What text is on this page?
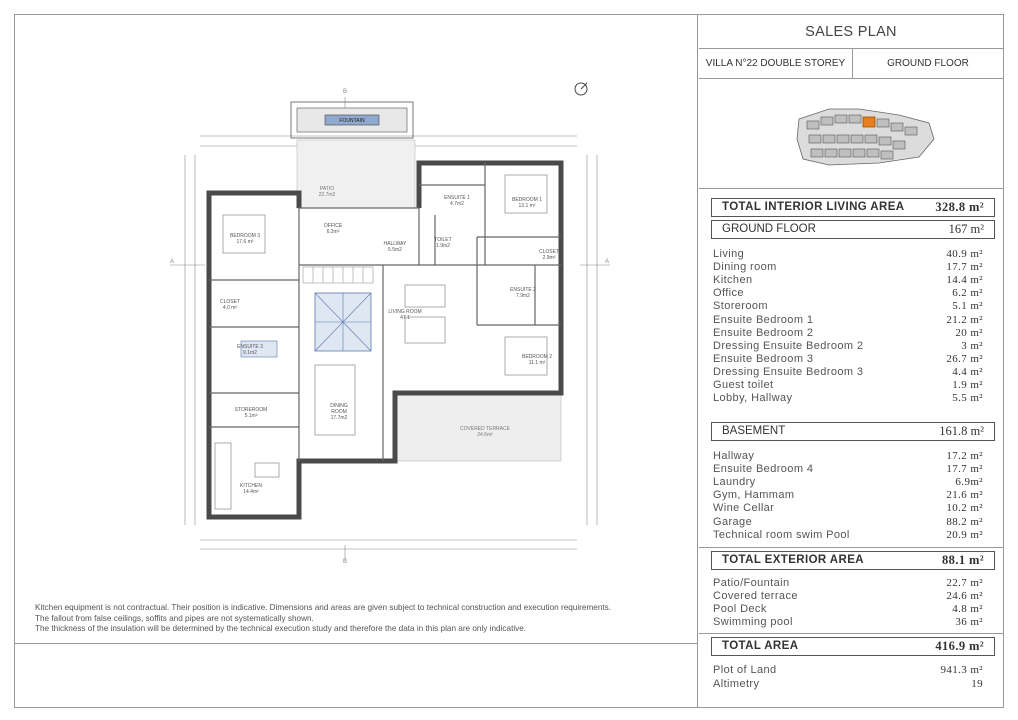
B
B
A	A
FOUNTAIN
PATIO
22.7m2
COVERED TERRACE
24.6m²
BEDROOM 3
17.6 m²
OFFICE
6.2m²
HALLWAY
5.5m2
ENSUITE 1
4.7m2
TOILET
1.9m2
BEDROOM 1
13.1 m²
CLOSET
4.0 m²
ENSUITE 3
9.1m2
LIVING ROOM
47.1
CLOSET
2.9m²
ENSUITE 2
7.9m2
BEDROOM 2
11.1 m²
STOREROOM
5.1m²
DINING
ROOM
17.7m2
KITCHEN
14.4m²
Kitchen equipment is not contractual. Their position is indicative. Dimensions and areas are given subject to technical construction and execution requirements.
The fallout from false ceilings, soffits and pipes are not systematically shown.
The thickness of the insulation will be determined by the technical execution study and therefore the data in this plan are only indicative.
SALES PLAN
VILLA N°22 DOUBLE STOREY	GROUND FLOOR
TOTAL INTERIOR LIVING AREA 328.8 m²
GROUND FLOOR	167 m²
Living	40.9 m²
Dining room	17.7 m²
Kitchen	14.4 m²
Office	6.2 m²
Storeroom	5.1 m²
Ensuite Bedroom 1	21.2 m²
Ensuite Bedroom 2	20 m²
Dressing Ensuite Bedroom 2	3 m²
Ensuite Bedroom 3	26.7 m²
Dressing Ensuite Bedroom 3	4.4 m²
Guest toilet	1.9 m²
Lobby, Hallway	5.5 m²
BASEMENT	161.8 m²
Hallway	17.2 m²
Ensuite Bedroom 4	17.7 m²
Laundry	6.9m²
Gym, Hammam	21.6 m²
Wine Cellar	10.2 m²
Garage	88.2 m²
Technical room swim Pool	20.9 m²
TOTAL EXTERIOR AREA	88.1 m²
Patio/Fountain	22.7 m²
Covered terrace	24.6 m²
Pool Deck	4.8 m²
Swimming pool	36 m²
TOTAL AREA	416.9 m²
Plot of Land	941.3 m²
Altimetry	19
